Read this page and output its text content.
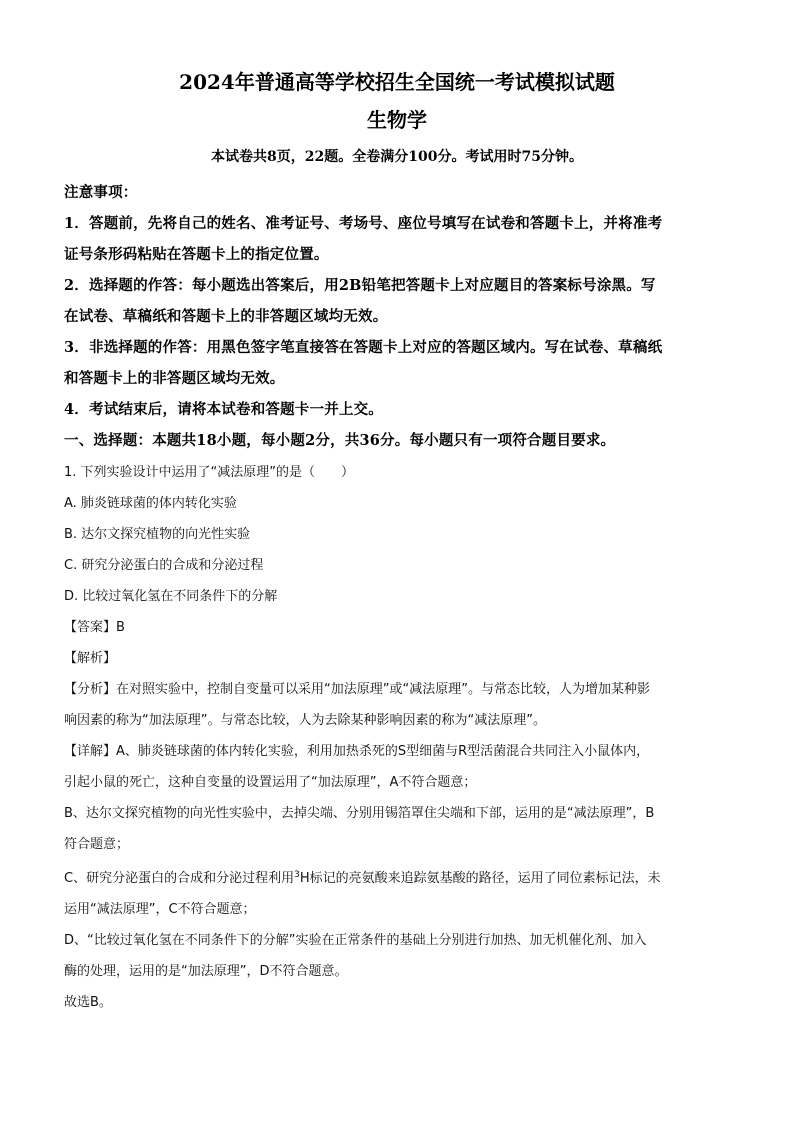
2024年普通高等学校招生全国统一考试模拟试题
生物学
本试卷共8页，22题。全卷满分100分。考试用时75分钟。
注意事项：
1．答题前，先将自己的姓名、准考证号、考场号、座位号填写在试卷和答题卡上，并将准考
证号条形码粘贴在答题卡上的指定位置。
2．选择题的作答：每小题选出答案后，用2B铅笔把答题卡上对应题目的答案标号涂黑。写
在试卷、草稿纸和答题卡上的非答题区域均无效。
3．非选择题的作答：用黑色签字笔直接答在答题卡上对应的答题区域内。写在试卷、草稿纸
和答题卡上的非答题区域均无效。
4．考试结束后，请将本试卷和答题卡一并上交。
一、选择题：本题共18小题，每小题2分，共36分。每小题只有一项符合题目要求。
1. 下列实验设计中运用了“减法原理”的是（　　）
A. 肺炎链球菌的体内转化实验
B. 达尔文探究植物的向光性实验
C. 研究分泌蛋白的合成和分泌过程
D. 比较过氧化氢在不同条件下的分解
【答案】B
【解析】
【分析】在对照实验中，控制自变量可以采用“加法原理”或“减法原理”。与常态比较，人为增加某种影
响因素的称为“加法原理”。与常态比较，人为去除某种影响因素的称为“减法原理”。
【详解】A、肺炎链球菌的体内转化实验，利用加热杀死的S型细菌与R型活菌混合共同注入小鼠体内，
引起小鼠的死亡，这种自变量的设置运用了“加法原理”，A不符合题意；
B、达尔文探究植物的向光性实验中，去掉尖端、分别用锡箔罩住尖端和下部，运用的是“减法原理”，B
符合题意；
C、研究分泌蛋白的合成和分泌过程利用$^3$H标记的亮氨酸来追踪氨基酸的路径，运用了同位素标记法，未
运用“减法原理”，C不符合题意；
D、“比较过氧化氢在不同条件下的分解”实验在正常条件的基础上分别进行加热、加无机催化剂、加入
酶的处理，运用的是“加法原理”，D不符合题意。
故选B。
